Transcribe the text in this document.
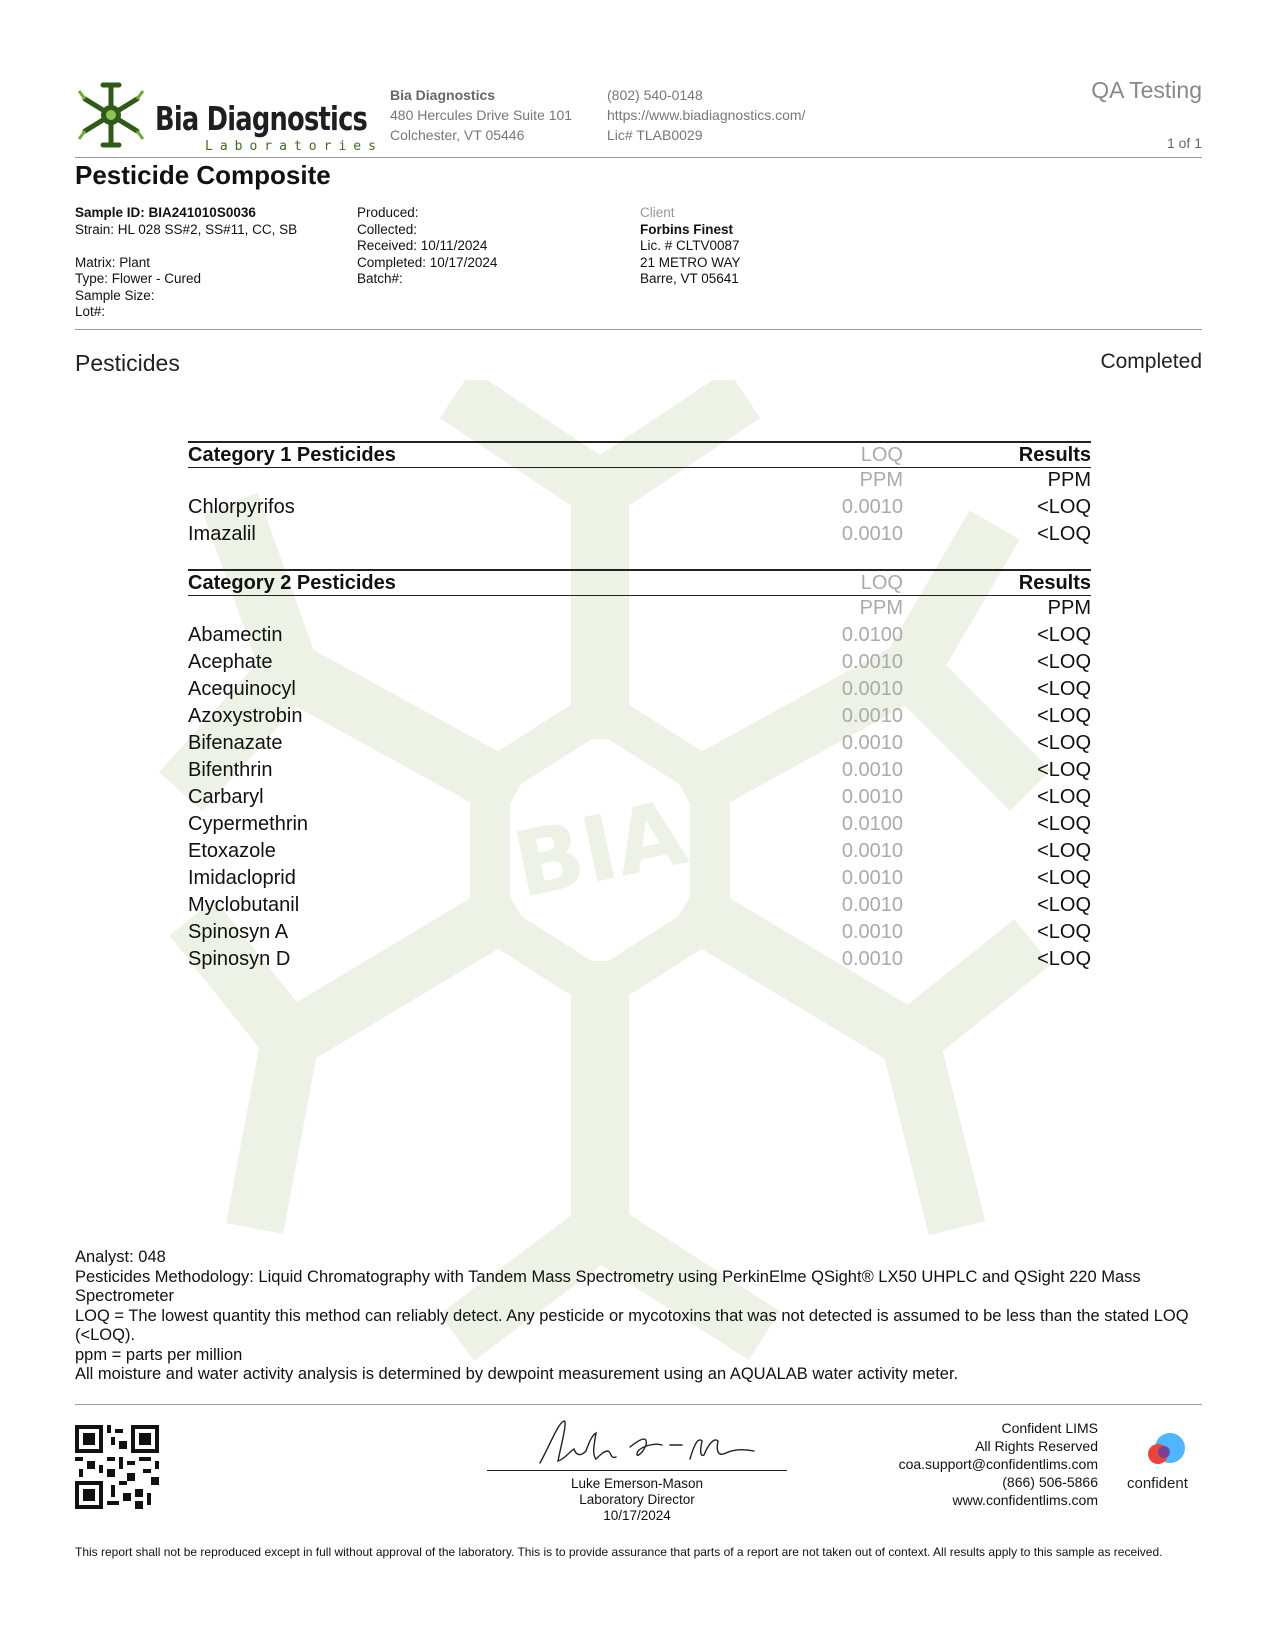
BIA
Bia Diagnostics
Laboratories
Bia Diagnostics
480 Hercules Drive Suite 101
Colchester, VT 05446
(802) 540-0148
https://www.biadiagnostics.com/
Lic# TLAB0029
QA Testing
1 of 1
Pesticide Composite
Sample ID: BIA241010S0036
Strain: HL 028 SS#2, SS#11, CC, SB
Matrix: Plant
Type: Flower - Cured
Sample Size:
Lot#:
Produced:
Collected:
Received: 10/11/2024
Completed: 10/17/2024
Batch#:
Client
Forbins Finest
Lic. # CLTV0087
21 METRO WAY
Barre, VT 05641
Pesticides	Completed
Category 1 Pesticides	LOQ	Results
PPM	PPM
Chlorpyrifos	0.0010	<LOQ
Imazalil	0.0010	<LOQ
Category 2 Pesticides	LOQ	Results
PPM	PPM
Abamectin	0.0100	<LOQ
Acephate	0.0010	<LOQ
Acequinocyl	0.0010	<LOQ
Azoxystrobin	0.0010	<LOQ
Bifenazate	0.0010	<LOQ
Bifenthrin	0.0010	<LOQ
Carbaryl	0.0010	<LOQ
Cypermethrin	0.0100	<LOQ
Etoxazole	0.0010	<LOQ
Imidacloprid	0.0010	<LOQ
Myclobutanil	0.0010	<LOQ
Spinosyn A	0.0010	<LOQ
Spinosyn D	0.0010	<LOQ
Analyst: 048
Pesticides Methodology: Liquid Chromatography with Tandem Mass Spectrometry using PerkinElme QSight® LX50 UHPLC and QSight 220 Mass Spectrometer
LOQ = The lowest quantity this method can reliably detect. Any pesticide or mycotoxins that was not detected is assumed to be less than the stated LOQ (<LOQ).
ppm = parts per million
All moisture and water activity analysis is determined by dewpoint measurement using an AQUALAB water activity meter.
Luke Emerson-Mason
Laboratory Director
10/17/2024
Confident LIMS
All Rights Reserved
coa.support@confidentlims.com
(866) 506-5866
www.confidentlims.com
confident
This report shall not be reproduced except in full without approval of the laboratory. This is to provide assurance that parts of a report are not taken out of context. All results apply to this sample as received.
